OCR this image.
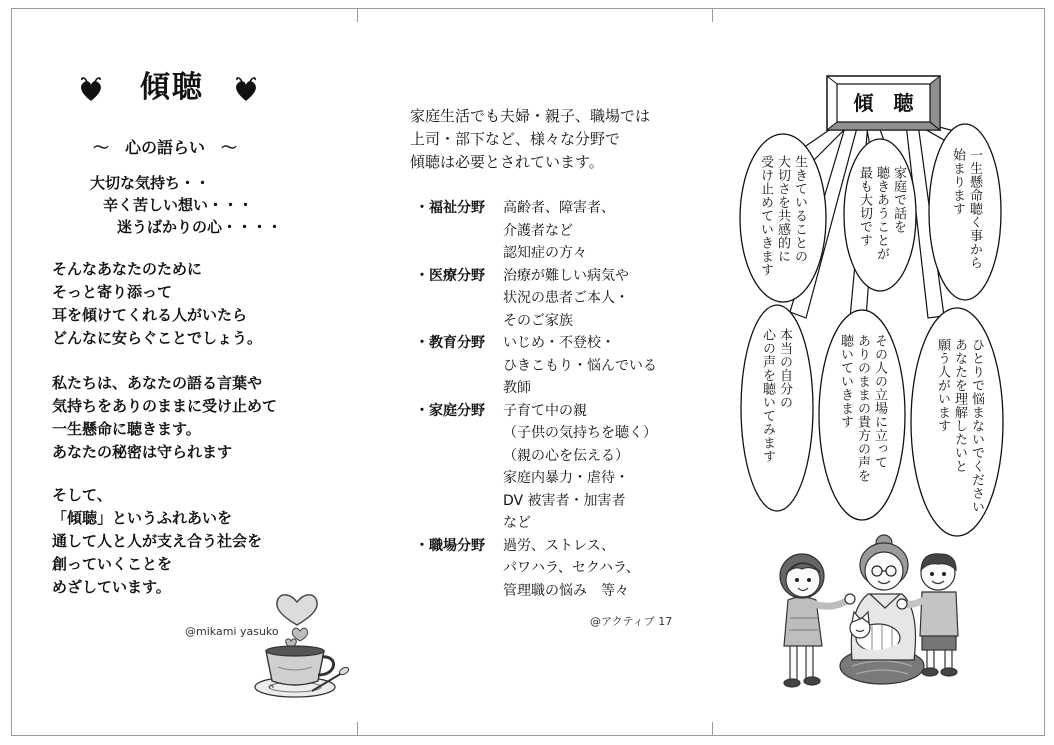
傾聴
～　心の語らい　～
大切な気持ち・・
辛く苦しい想い・・・
迷うばかりの心・・・・
そんなあなたのために
そっと寄り添って
耳を傾けてくれる人がいたら
どんなに安らぐことでしょう。
私たちは、あなたの語る言葉や
気持ちをありのままに受け止めて
一生懸命に聴きます。
あなたの秘密は守られます
そして、
「傾聴」というふれあいを
通して人と人が支え合う社会を
創っていくことを
めざしています。
@mikami yasuko
家庭生活でも夫婦・親子、職場では
上司・部下など、様々な分野で
傾聴は必要とされています。
・福祉分野	高齢者、障害者、
介護者など
認知症の方々
・医療分野	治療が難しい病気や
状況の患者ご本人・
そのご家族
・教育分野	いじめ・不登校・
ひきこもり・悩んでいる
教師
・家庭分野	子育て中の親
（子供の気持ちを聴く）
（親の心を伝える）
家庭内暴力・虐待・
DV 被害者・加害者
など
・職場分野	過労、ストレス、
パワハラ、セクハラ、
管理職の悩み　等々
@アクティブ 17
傾　聴
生きていることの
大切さを共感的に
受け止めていきます	家庭で話を
聴きあうことが
最も大切です	一生懸命聴く事から
始まります
本当の自分の
心の声を聴いてみます	その人の立場に立って
ありのままの貴方の声を
聴いていきます	ひとりで悩まないでください
あなたを理解したいと
願う人がいます
